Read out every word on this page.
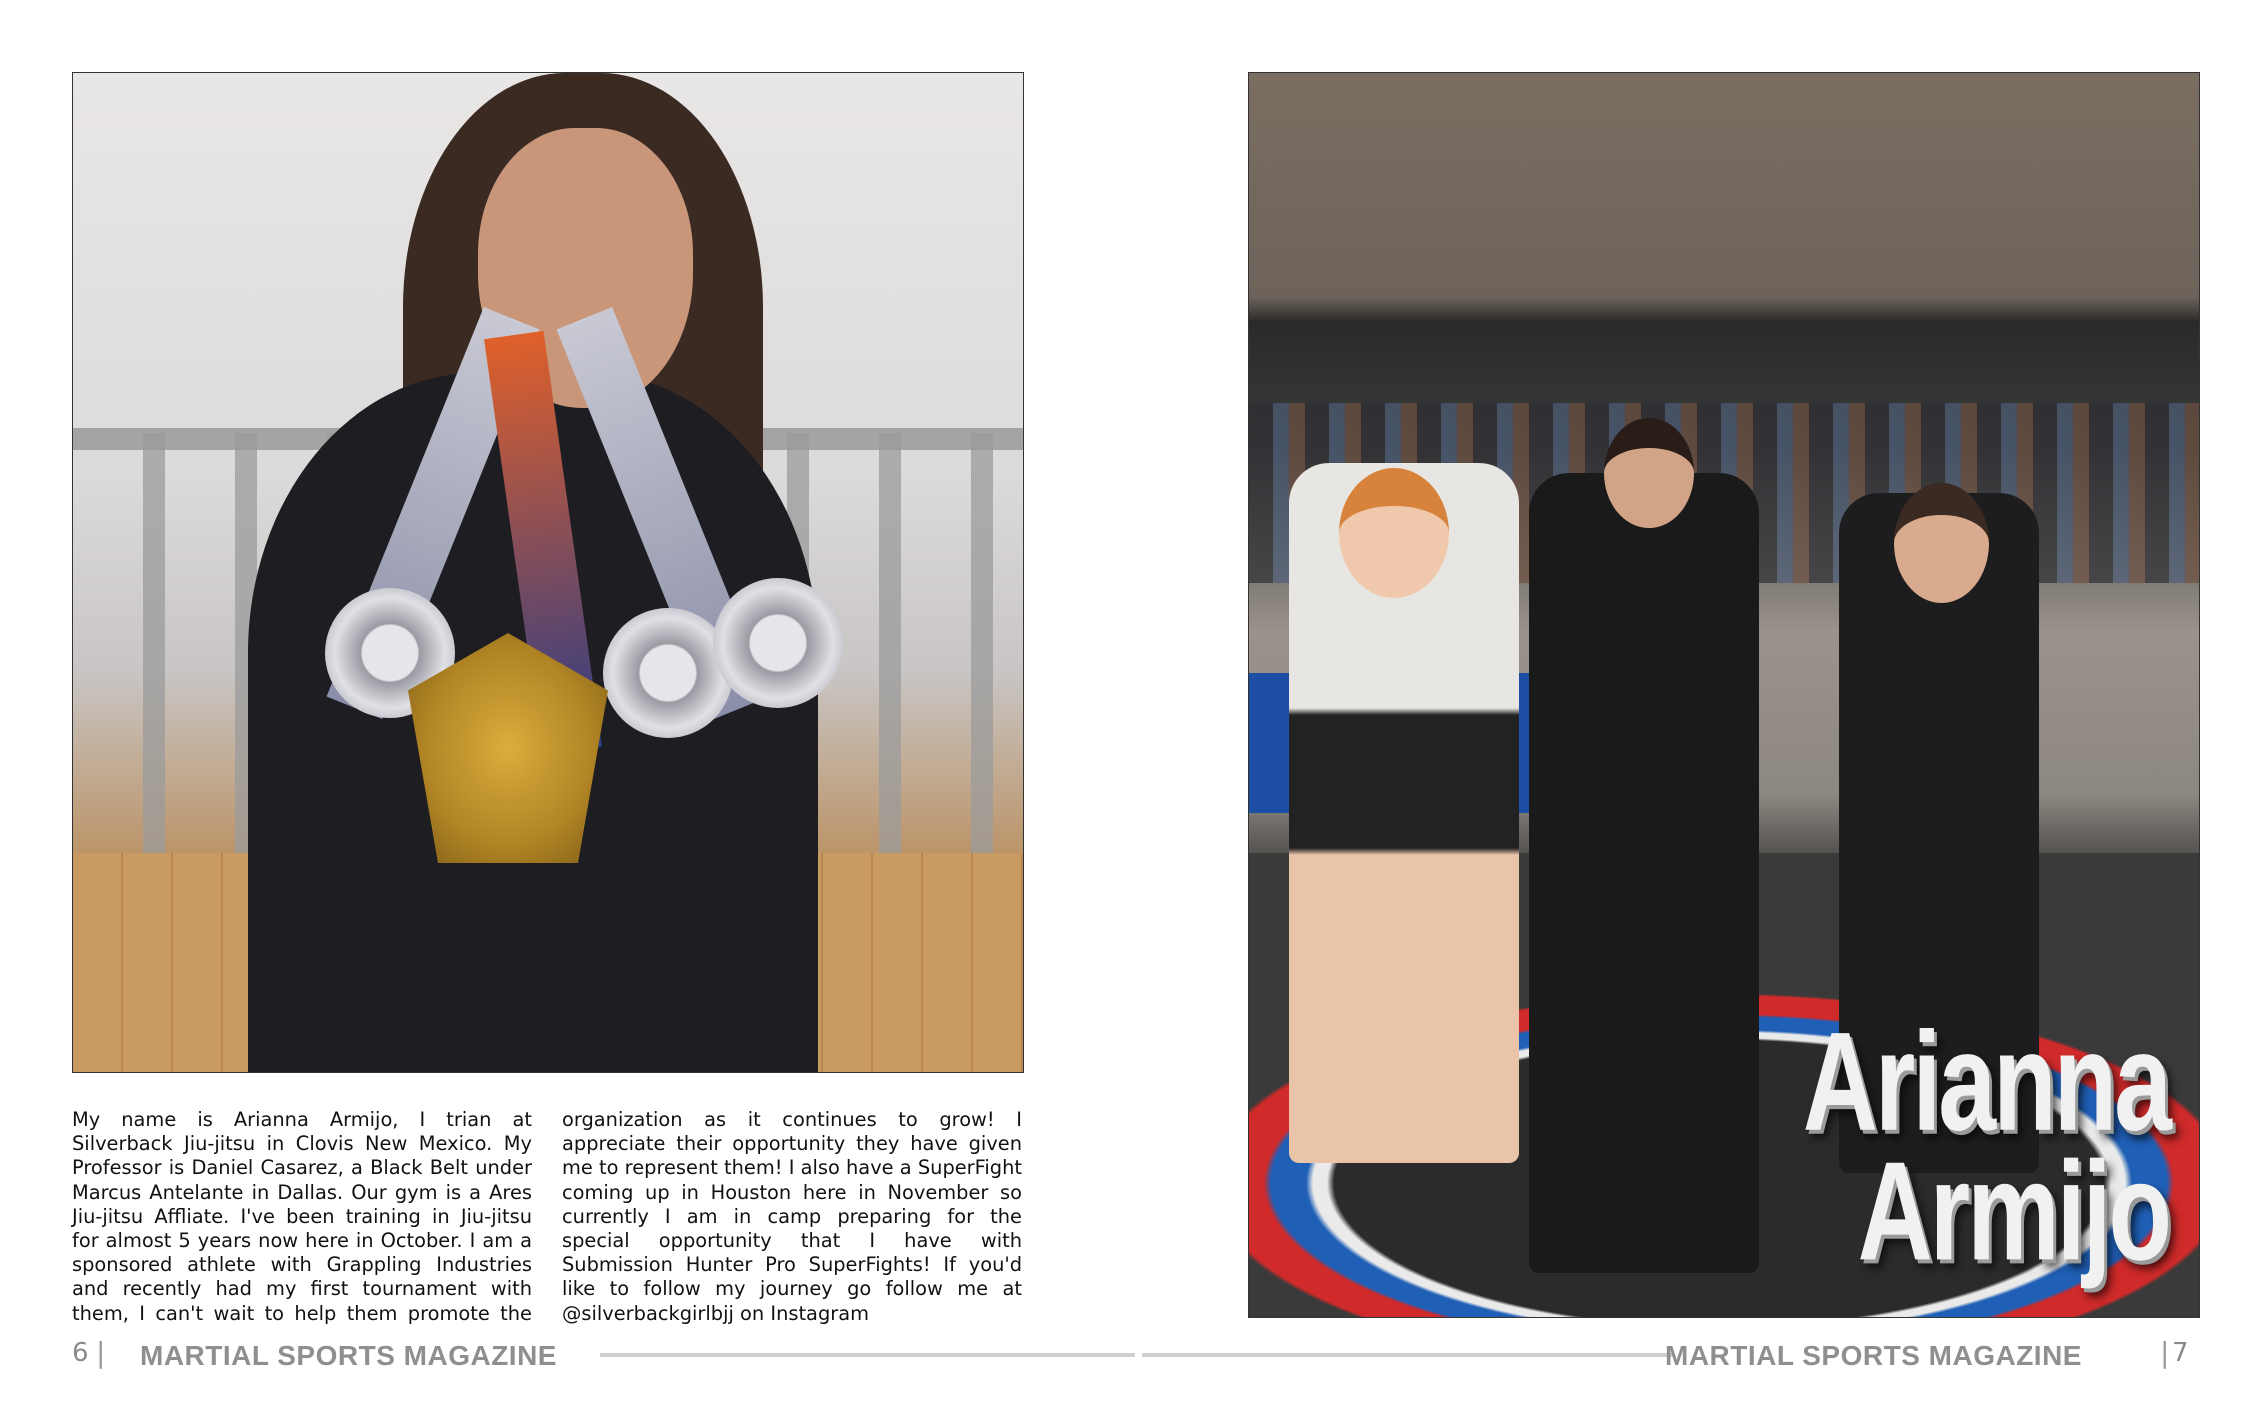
My name is Arianna Armijo, I trian at Silverback Jiu-jitsu in Clovis New Mexico. My Professor is Daniel Casarez, a Black Belt under Marcus Antelante in Dallas. Our gym is a Ares Jiu-jitsu Affliate. I've been training in Jiu-jitsu for almost 5 years now here in October. I am a sponsored athlete with Grappling Industries and recently had my first tournament with them, I can't wait to help them promote the organization as it continues to grow! I appreciate their opportunity they have given me to represent them! I also have a SuperFight coming up in Houston here in November so currently I am in camp preparing for the special opportunity that I have with Submission Hunter Pro SuperFights! If you'd like to follow my journey go follow me at @silverbackgirlbjj on Instagram
Arianna
Armijo
6 | MARTIAL SPORTS MAGAZINE	MARTIAL SPORTS MAGAZINE	| 7
